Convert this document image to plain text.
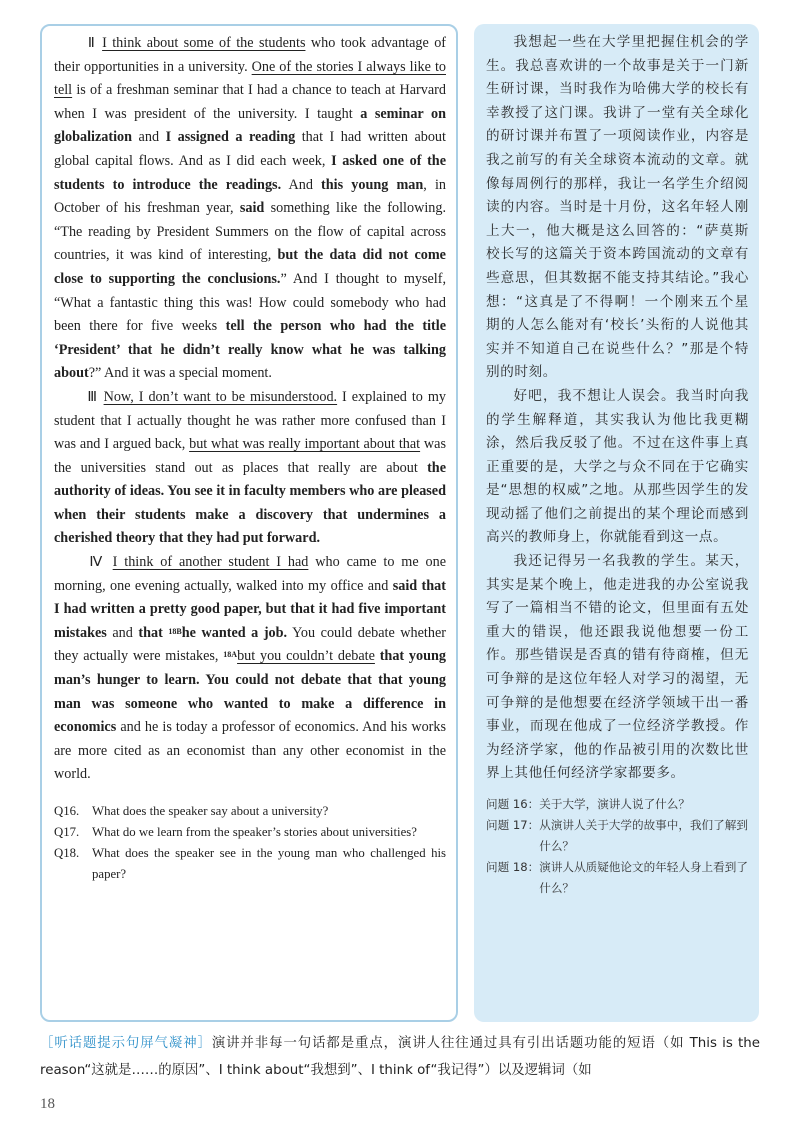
Ⅱ I think about some of the students who took advantage of their opportunities in a university. One of the stories I always like to tell is of a freshman seminar that I had a chance to teach at Harvard when I was president of the university. I taught a seminar on globalization and I assigned a reading that I had written about global capital flows. And as I did each week, I asked one of the students to introduce the readings. And this young man, in October of his freshman year, said something like the following. “The reading by President Summers on the flow of capital across countries, it was kind of interesting, but the data did not come close to supporting the conclusions.” And I thought to myself, “What a fantastic thing this was! How could somebody who had been there for five weeks tell the person who had the title ‘President’ that he didn’t really know what he was talking about?” And it was a special moment.

Ⅲ Now, I don’t want to be misunderstood. I explained to my student that I actually thought he was rather more confused than I was and I argued back, but what was really important about that was the universities stand out as places that really are about the authority of ideas. You see it in faculty members who are pleased when their students make a discovery that undermines a cherished theory that they had put forward.

Ⅳ I think of another student I had who came to me one morning, one evening actually, walked into my office and said that I had written a pretty good paper, but that it had five important mistakes and that $^{18B}$he wanted a job. You could debate whether they actually were mistakes, $^{18A}$but you couldn’t debate that young man’s hunger to learn. You could not debate that that young man was someone who wanted to make a difference in economics and he is today a professor of economics. And his works are more cited as an economist than any other economist in the world.

Q16. What does the speaker say about a university?
Q17. What do we learn from the speaker’s stories about universities?
Q18. What does the speaker see in the young man who challenged his paper?

我想起一些在大学里把握住机会的学生。我总喜欢讲的一个故事是关于一门新生研讨课，当时我作为哈佛大学的校长有幸教授了这门课。我讲了一堂有关全球化的研讨课并布置了一项阅读作业，内容是我之前写的有关全球资本流动的文章。就像每周例行的那样，我让一名学生介绍阅读的内容。当时是十月份，这名年轻人刚上大一，他大概是这么回答的：“萨莫斯校长写的这篇关于资本跨国流动的文章有些意思，但其数据不能支持其结论。”我心想：“这真是了不得啊！一个刚来五个星期的人怎么能对有‘校长’头衔的人说他其实并不知道自己在说些什么？”那是个特别的时刻。

好吧，我不想让人误会。我当时向我的学生解释道，其实我认为他比我更糊涂，然后我反驳了他。不过在这件事上真正重要的是，大学之与众不同在于它确实是“思想的权威”之地。从那些因学生的发现动摇了他们之前提出的某个理论而感到高兴的教师身上，你就能看到这一点。

我还记得另一名我教的学生。某天，其实是某个晚上，他走进我的办公室说我写了一篇相当不错的论文，但里面有五处重大的错误，他还跟我说他想要一份工作。那些错误是否真的错有待商榷，但无可争辩的是这位年轻人对学习的渴望，无可争辩的是他想要在经济学领域干出一番事业，而现在他成了一位经济学教授。作为经济学家，他的作品被引用的次数比世界上其他任何经济学家都要多。

问题 16： 关于大学，演讲人说了什么？
问题 17： 从演讲人关于大学的故事中，我们了解到什么？
问题 18： 演讲人从质疑他论文的年轻人身上看到了什么？
［听话题提示句屏气凝神］演讲并非每一句话都是重点，演讲人往往通过具有引出话题功能的短语（如 This is the reason“这就是……的原因”、I think about“我想到”、I think of“我记得”）以及逻辑词（如
18
